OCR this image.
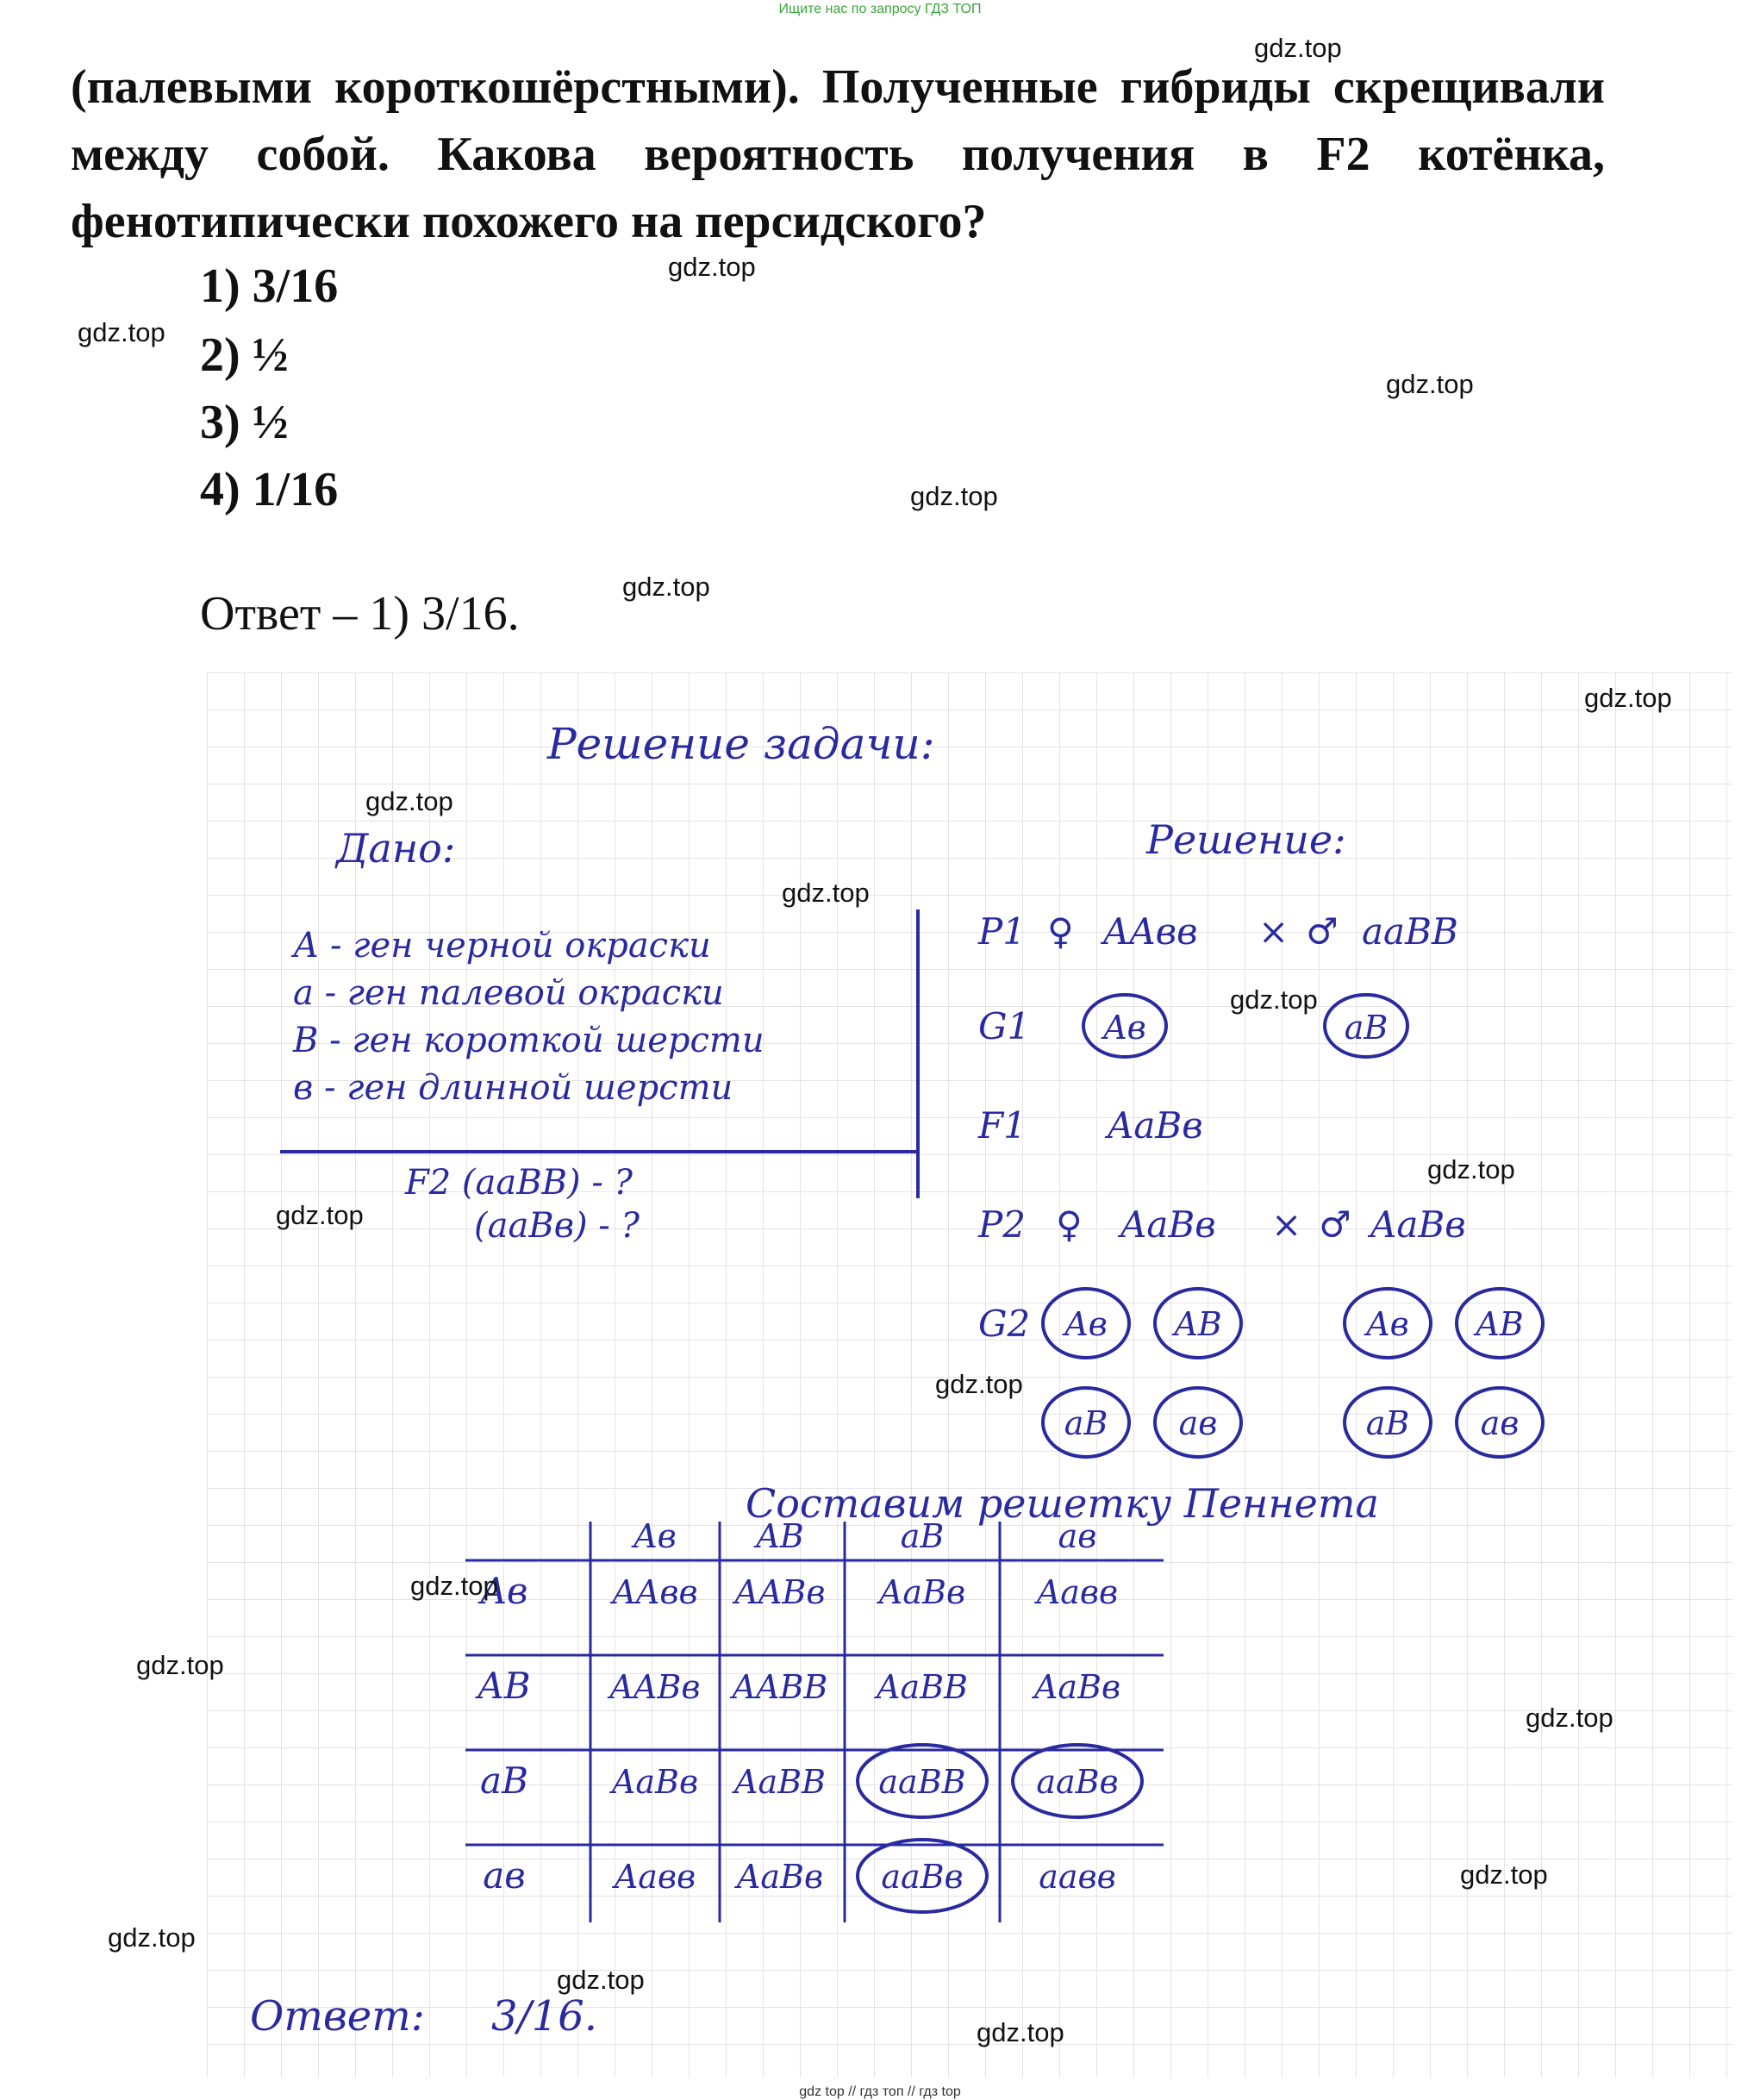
Ищите нас по запросу ГДЗ ТОП
(палевыми короткошёрстными). Полученные гибриды скрещивали между собой. Какова вероятность получения в F2 котёнка, фенотипически похожего на персидского?
1) 3/16
2) ½
3) ½
4) 1/16
Ответ – 1) 3/16.
Решение задачи:
Дано:	Решение:
А - ген черной окраски
а - ген палевой окраски
В - ген короткой шерсти
в - ген длинной шерсти
F2 (aaBB) - ?
(aaBв) - ?
P1 ♀ AAвв × ♂ aaBB
G1 Aв	aB
F1 AaBв
P2 ♀ AaBв × ♂ AaBв
G2 Aв AB
aB aв
Aв AB
aB aв
Составим решетку Пеннета
Aв AB	aB	aв
Aв	AAвв AABв AaBв Aaвв
AB AABв AABB AaBB AaBв
aB	AaBв AaBB aaBB aaBв
aв	Aaвв AaBв aaBв aaвв
Ответ: 3/16.
gdz.top
gdz.top
gdz.top
gdz.top
gdz.top
gdz.top
gdz.top
gdz.top
gdz.top
gdz.top
gdz.top
gdz.top
gdz.top
gdz.top
gdz.top
gdz.top
gdz.top
gdz.top
gdz.top
gdz.top
gdz top // гдз топ // гдз top
